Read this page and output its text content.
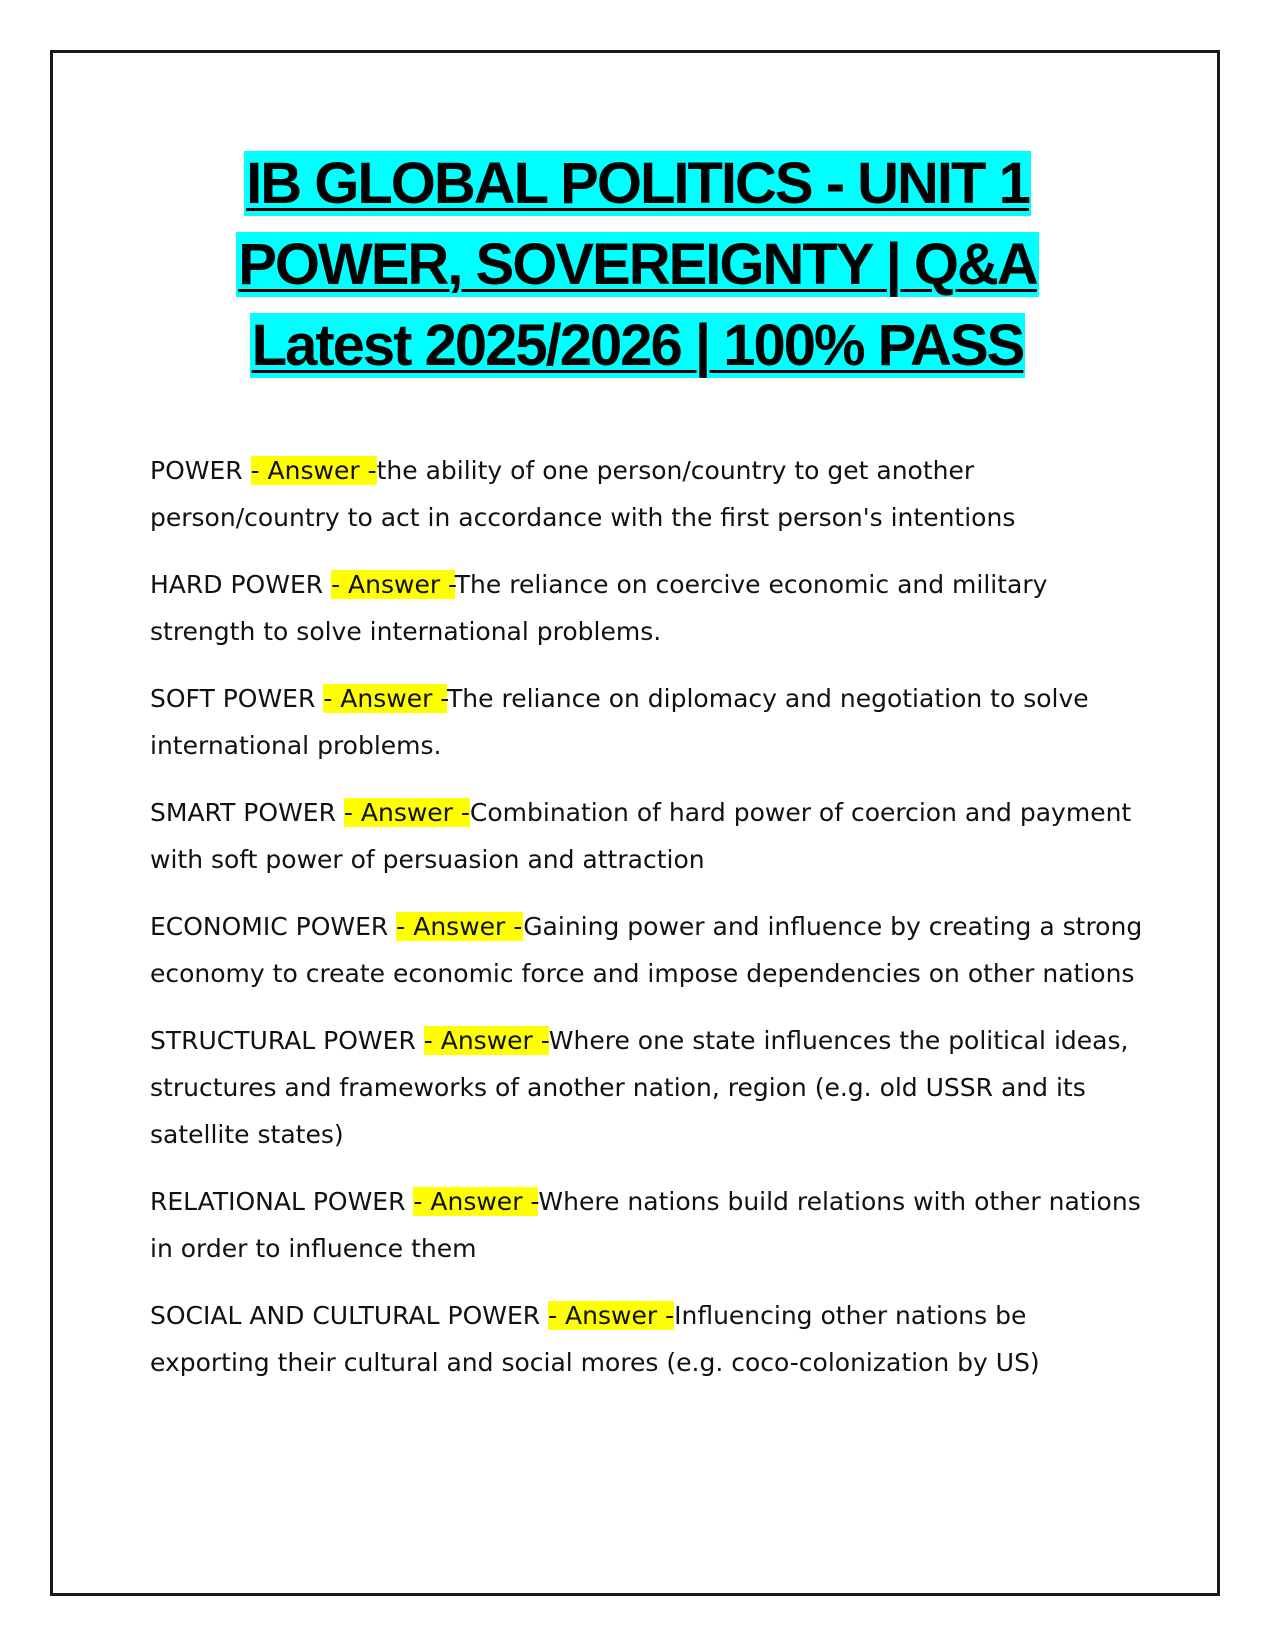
IB GLOBAL POLITICS - UNIT 1
POWER, SOVEREIGNTY | Q&A
Latest 2025/2026 | 100% PASS
POWER - Answer -the ability of one person/country to get another person/country to act in accordance with the first person's intentions
HARD POWER - Answer -The reliance on coercive economic and military strength to solve international problems.
SOFT POWER - Answer -The reliance on diplomacy and negotiation to solve international problems.
SMART POWER - Answer -Combination of hard power of coercion and payment with soft power of persuasion and attraction
ECONOMIC POWER - Answer -Gaining power and influence by creating a strong economy to create economic force and impose dependencies on other nations
STRUCTURAL POWER - Answer -Where one state influences the political ideas, structures and frameworks of another nation, region (e.g. old USSR and its satellite states)
RELATIONAL POWER - Answer -Where nations build relations with other nations in order to influence them
SOCIAL AND CULTURAL POWER - Answer -Influencing other nations be exporting their cultural and social mores (e.g. coco-colonization by US)
